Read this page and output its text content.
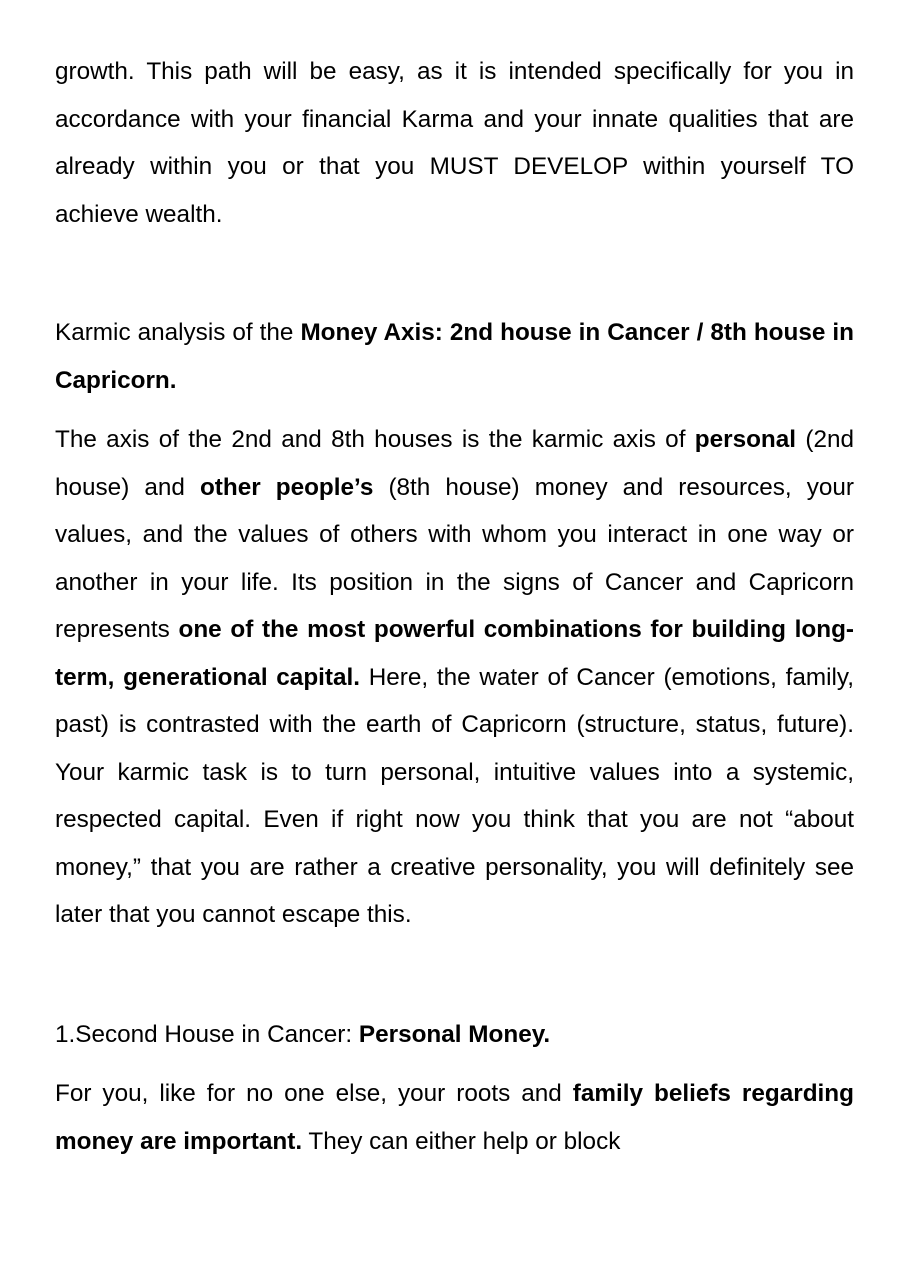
growth. This path will be easy, as it is intended specifically for you in accordance with your financial Karma and your innate qualities that are already within you or that you MUST DEVELOP within yourself TO achieve wealth.

Karmic analysis of the Money Axis: 2nd house in Cancer / 8th house in Capricorn.

The axis of the 2nd and 8th houses is the karmic axis of personal (2nd house) and other people’s (8th house) money and resources, your values, and the values of others with whom you interact in one way or another in your life. Its position in the signs of Cancer and Capricorn represents one of the most powerful combinations for building long-term, generational capital. Here, the water of Cancer (emotions, family, past) is contrasted with the earth of Capricorn (structure, status, future). Your karmic task is to turn personal, intuitive values into a systemic, respected capital. Even if right now you think that you are not “about money,” that you are rather a creative personality, you will definitely see later that you cannot escape this.

1.Second House in Cancer: Personal Money.

For you, like for no one else, your roots and family beliefs regarding money are important. They can either help or block
